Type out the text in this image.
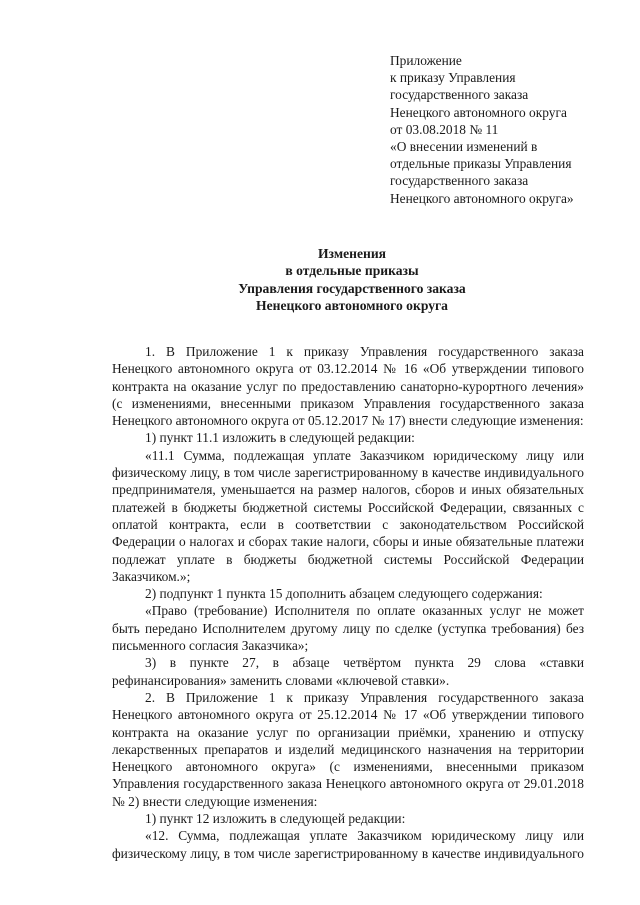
Приложение
к приказу Управления
государственного заказа
Ненецкого автономного округа
от 03.08.2018 № 11
«О внесении изменений в
отдельные приказы Управления
государственного заказа
Ненецкого автономного округа»
Изменения
в отдельные приказы
Управления государственного заказа
Ненецкого автономного округа

1. В Приложение 1 к приказу Управления государственного заказа Ненецкого автономного округа от 03.12.2014 № 16 «Об утверждении типового контракта на оказание услуг по предоставлению санаторно-курортного лечения» (с изменениями, внесенными приказом Управления государственного заказа Ненецкого автономного округа от 05.12.2017 № 17) внести следующие изменения:

1) пункт 11.1 изложить в следующей редакции:

«11.1 Сумма, подлежащая уплате Заказчиком юридическому лицу или физическому лицу, в том числе зарегистрированному в качестве индивидуального предпринимателя, уменьшается на размер налогов, сборов и иных обязательных платежей в бюджеты бюджетной системы Российской Федерации, связанных с оплатой контракта, если в соответствии с законодательством Российской Федерации о налогах и сборах такие налоги, сборы и иные обязательные платежи подлежат уплате в бюджеты бюджетной системы Российской Федерации Заказчиком.»;

2) подпункт 1 пункта 15 дополнить абзацем следующего содержания:

«Право (требование) Исполнителя по оплате оказанных услуг не может быть передано Исполнителем другому лицу по сделке (уступка требования) без письменного согласия Заказчика»;

3) в пункте 27, в абзаце четвёртом пункта 29 слова «ставки рефинансирования» заменить словами «ключевой ставки».

2. В Приложение 1 к приказу Управления государственного заказа Ненецкого автономного округа от 25.12.2014 № 17 «Об утверждении типового контракта на оказание услуг по организации приёмки, хранению и отпуску лекарственных препаратов и изделий медицинского назначения на территории Ненецкого автономного округа» (с изменениями, внесенными приказом Управления государственного заказа Ненецкого автономного округа от 29.01.2018 № 2) внести следующие изменения:

1) пункт 12 изложить в следующей редакции:

«12. Сумма, подлежащая уплате Заказчиком юридическому лицу или физическому лицу, в том числе зарегистрированному в качестве индивидуального
